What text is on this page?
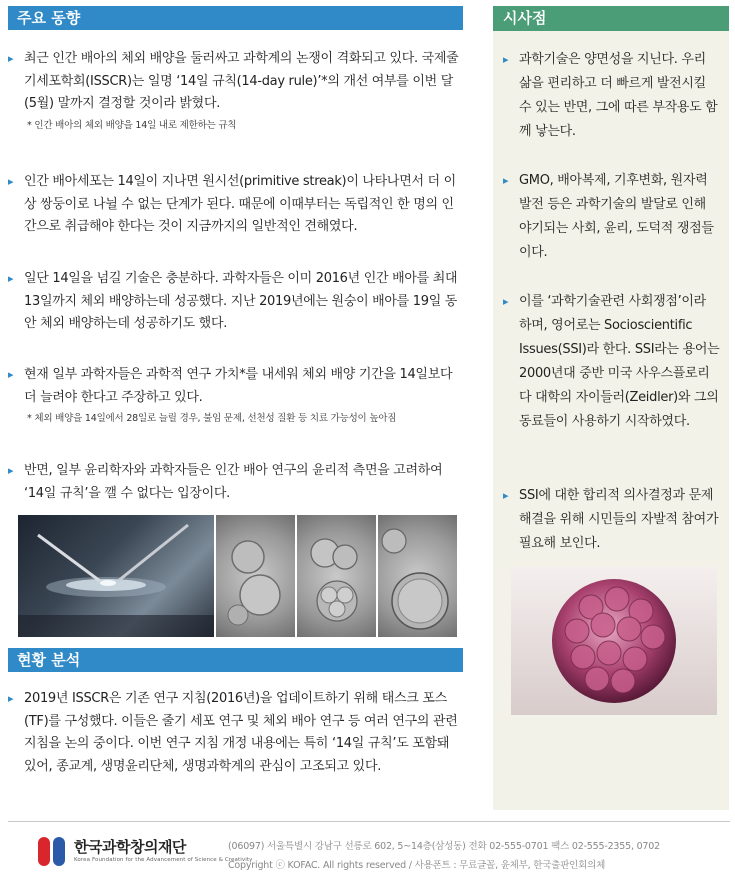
주요 동향
▸ 최근 인간 배아의 체외 배양을 둘러싸고 과학계의 논쟁이 격화되고 있다. 국제줄기세포학회(ISSCR)는 일명 ‘14일 규칙(14-day rule)’*의 개선 여부를 이번 달(5월) 말까지 결정할 것이라 밝혔다.
* 인간 배아의 체외 배양을 14일 내로 제한하는 규칙
▸ 인간 배아세포는 14일이 지나면 원시선(primitive streak)이 나타나면서 더 이상 쌍둥이로 나뉠 수 없는 단계가 된다. 때문에 이때부터는 독립적인 한 명의 인간으로 취급해야 한다는 것이 지금까지의 일반적인 견해였다.
▸ 일단 14일을 넘길 기술은 충분하다. 과학자들은 이미 2016년 인간 배아를 최대 13일까지 체외 배양하는데 성공했다. 지난 2019년에는 원숭이 배아를 19일 동안 체외 배양하는데 성공하기도 했다.
▸ 현재 일부 과학자들은 과학적 연구 가치*를 내세워 체외 배양 기간을 14일보다 더 늘려야 한다고 주장하고 있다.
* 체외 배양을 14일에서 28일로 늘릴 경우, 불임 문제, 선천성 질환 등 치료 가능성이 높아짐
▸ 반면, 일부 윤리학자와 과학자들은 인간 배아 연구의 윤리적 측면을 고려하여 ‘14일 규칙’을 깰 수 없다는 입장이다.
현황 분석
▸ 2019년 ISSCR은 기존 연구 지침(2016년)을 업데이트하기 위해 태스크 포스(TF)를 구성했다. 이들은 줄기 세포 연구 및 체외 배아 연구 등 여러 연구의 관련 지침을 논의 중이다. 이번 연구 지침 개정 내용에는 특히 ‘14일 규칙’도 포함돼 있어, 종교계, 생명윤리단체, 생명과학계의 관심이 고조되고 있다.
시사점
▸ 과학기술은 양면성을 지닌다. 우리 삶을 편리하고 더 빠르게 발전시킬 수 있는 반면, 그에 따른 부작용도 함께 낳는다.
▸ GMO, 배아복제, 기후변화, 원자력 발전 등은 과학기술의 발달로 인해 야기되는 사회, 윤리, 도덕적 쟁점들이다.
▸ 이를 ‘과학기술관련 사회쟁점’이라 하며, 영어로는 Socioscientific Issues(SSI)라 한다. SSI라는 용어는 2000년대 중반 미국 사우스플로리다 대학의 자이들러(Zeidler)와 그의 동료들이 사용하기 시작하였다.
▸ SSI에 대한 합리적 의사결정과 문제해결을 위해 시민들의 자발적 참여가 필요해 보인다.
한국과학창의재단
Korea Foundation for the Advancement of Science & Creativity
(06097) 서울특별시 강남구 선릉로 602, 5~14층(삼성동) 전화 02-555-0701 팩스 02-555-2355, 0702
Copyright ⓒ KOFAC. All rights reserved / 사용폰트 : 무료글꼴, 윤체부, 한국출판인회의체
